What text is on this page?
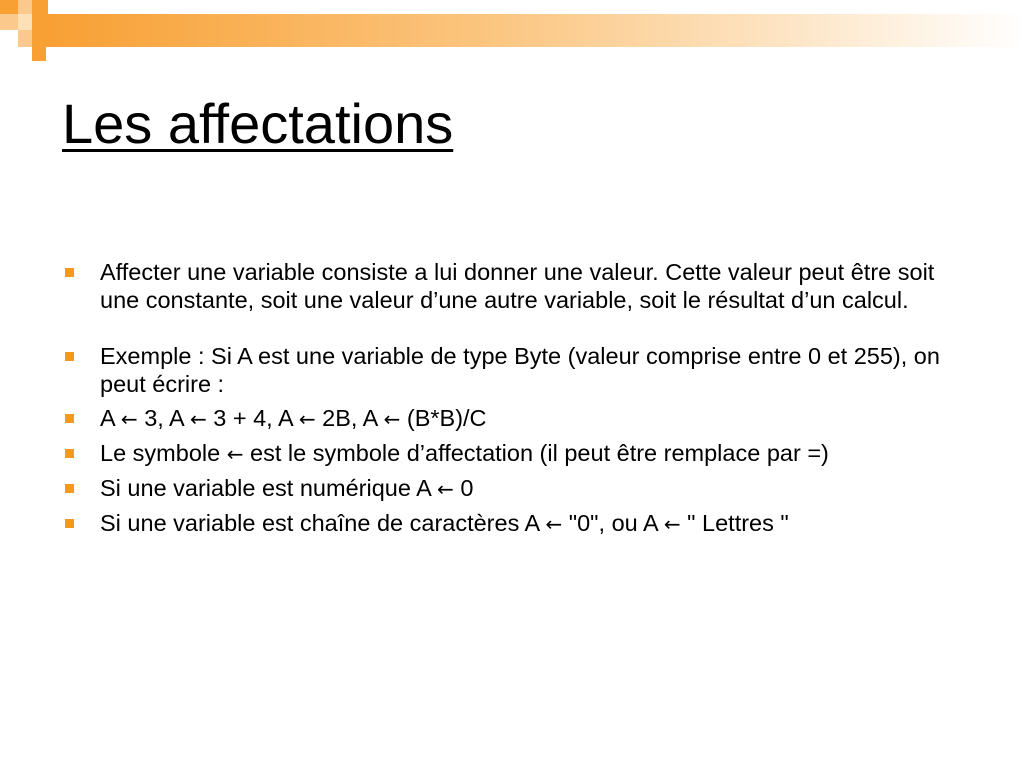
Les affectations
Affecter une variable consiste a lui donner une valeur. Cette valeur peut être soit une constante, soit une valeur d’une autre variable, soit le résultat d’un calcul.
Exemple : Si A est une variable de type Byte (valeur comprise entre 0 et 255), on peut écrire :
A ← 3, A ← 3 + 4, A ← 2B, A ← (B*B)/C
Le symbole ← est le symbole d’affectation (il peut être remplace par =)
Si une variable est numérique A ← 0
Si une variable est chaîne de caractères A ← "0", ou A ← " Lettres "
